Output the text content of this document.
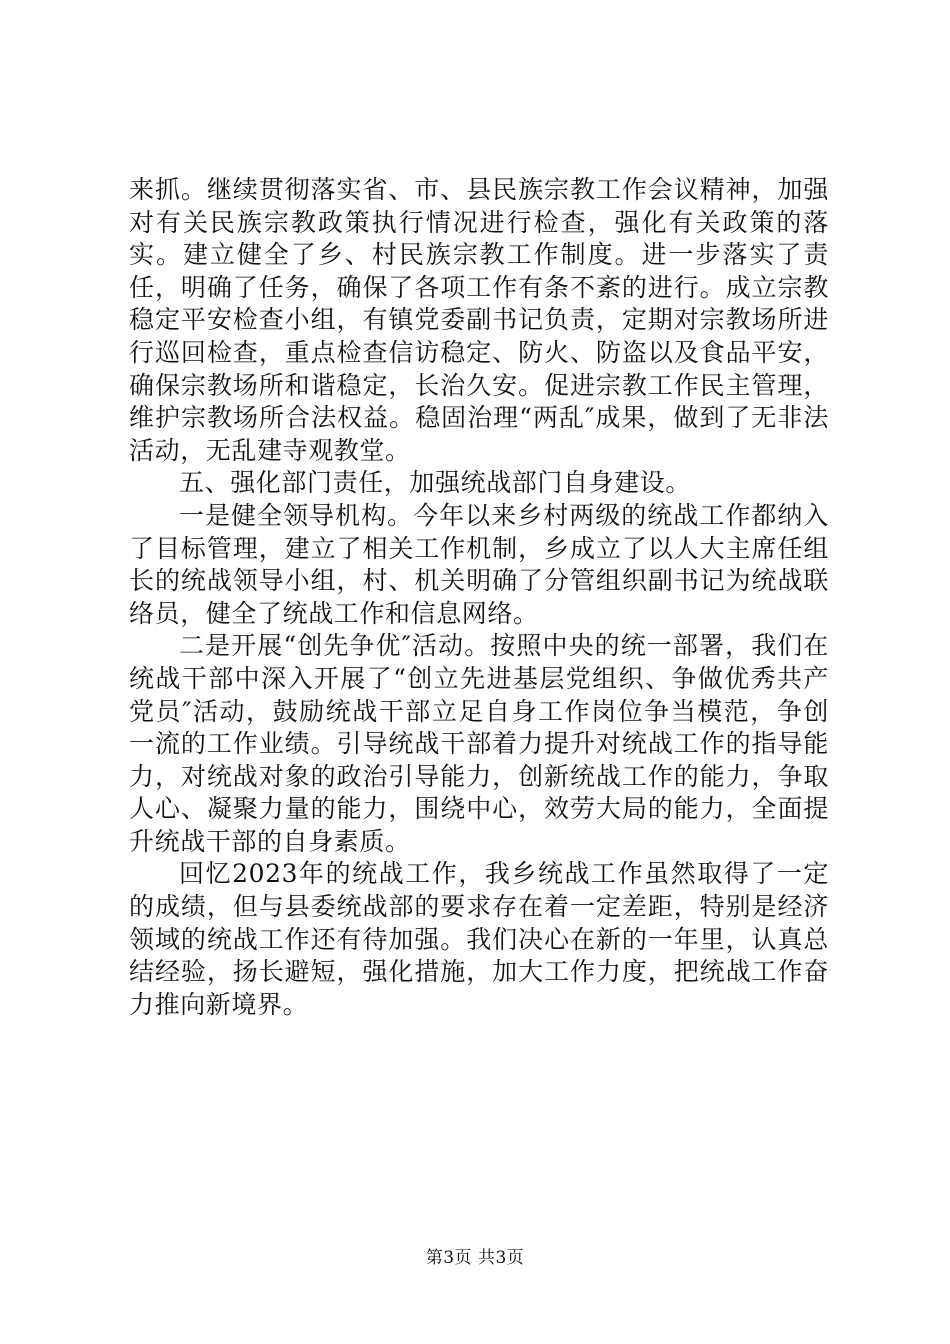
来抓。继续贯彻落实省、市、县民族宗教工作会议精神，加强对有关民族宗教政策执行情况进行检查，强化有关政策的落实。建立健全了乡、村民族宗教工作制度。进一步落实了责任，明确了任务，确保了各项工作有条不紊的进行。成立宗教稳定平安检查小组，有镇党委副书记负责，定期对宗教场所进行巡回检查，重点检查信访稳定、防火、防盗以及食品平安，确保宗教场所和谐稳定，长治久安。促进宗教工作民主管理，维护宗教场所合法权益。稳固治理“两乱″成果，做到了无非法活动，无乱建寺观教堂。

五、强化部门责任，加强统战部门自身建设。

一是健全领导机构。今年以来乡村两级的统战工作都纳入了目标管理，建立了相关工作机制，乡成立了以人大主席任组长的统战领导小组，村、机关明确了分管组织副书记为统战联络员，健全了统战工作和信息网络。

二是开展“创先争优″活动。按照中央的统一部署，我们在统战干部中深入开展了“创立先进基层党组织、争做优秀共产党员″活动，鼓励统战干部立足自身工作岗位争当模范，争创一流的工作业绩。引导统战干部着力提升对统战工作的指导能力，对统战对象的政治引导能力，创新统战工作的能力，争取人心、凝聚力量的能力，围绕中心，效劳大局的能力，全面提升统战干部的自身素质。

回忆2023年的统战工作，我乡统战工作虽然取得了一定的成绩，但与县委统战部的要求存在着一定差距，特别是经济领域的统战工作还有待加强。我们决心在新的一年里，认真总结经验，扬长避短，强化措施，加大工作力度，把统战工作奋力推向新境界。

第3页 共3页
